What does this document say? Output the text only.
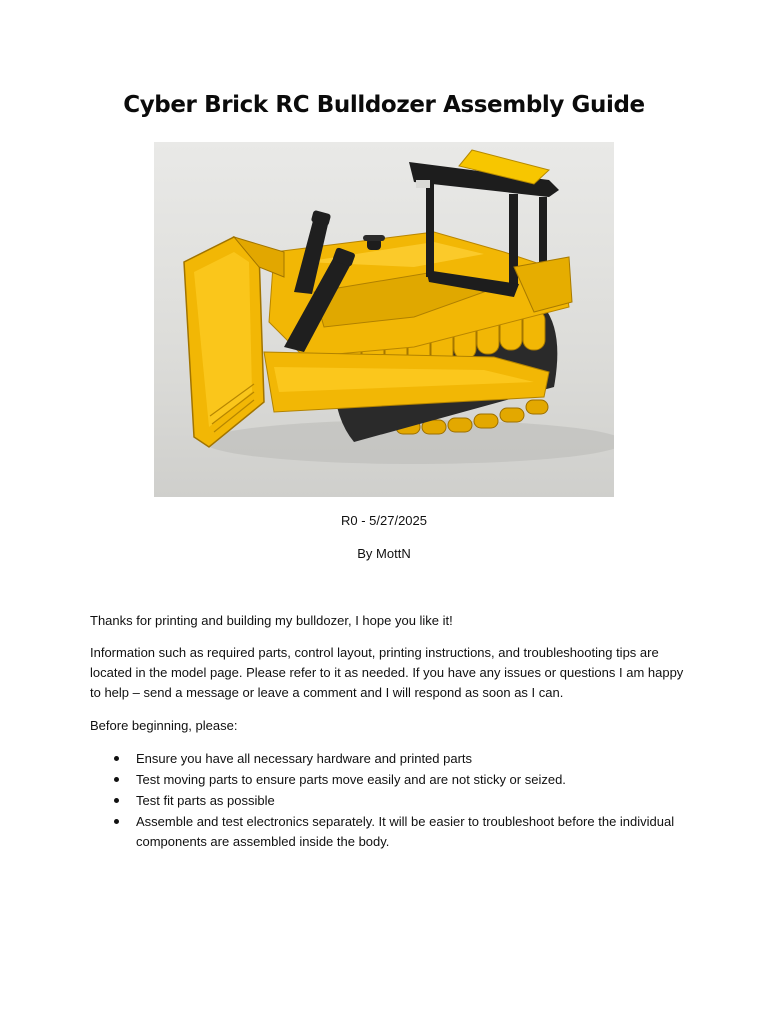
Cyber Brick RC Bulldozer Assembly Guide
R0 - 5/27/2025
By MottN
Thanks for printing and building my bulldozer, I hope you like it!
Information such as required parts, control layout, printing instructions, and troubleshooting tips are located in the model page. Please refer to it as needed. If you have any issues or questions I am happy to help – send a message or leave a comment and I will respond as soon as I can.
Before beginning, please:
Ensure you have all necessary hardware and printed parts
Test moving parts to ensure parts move easily and are not sticky or seized.
Test fit parts as possible
Assemble and test electronics separately. It will be easier to troubleshoot before the individual components are assembled inside the body.
